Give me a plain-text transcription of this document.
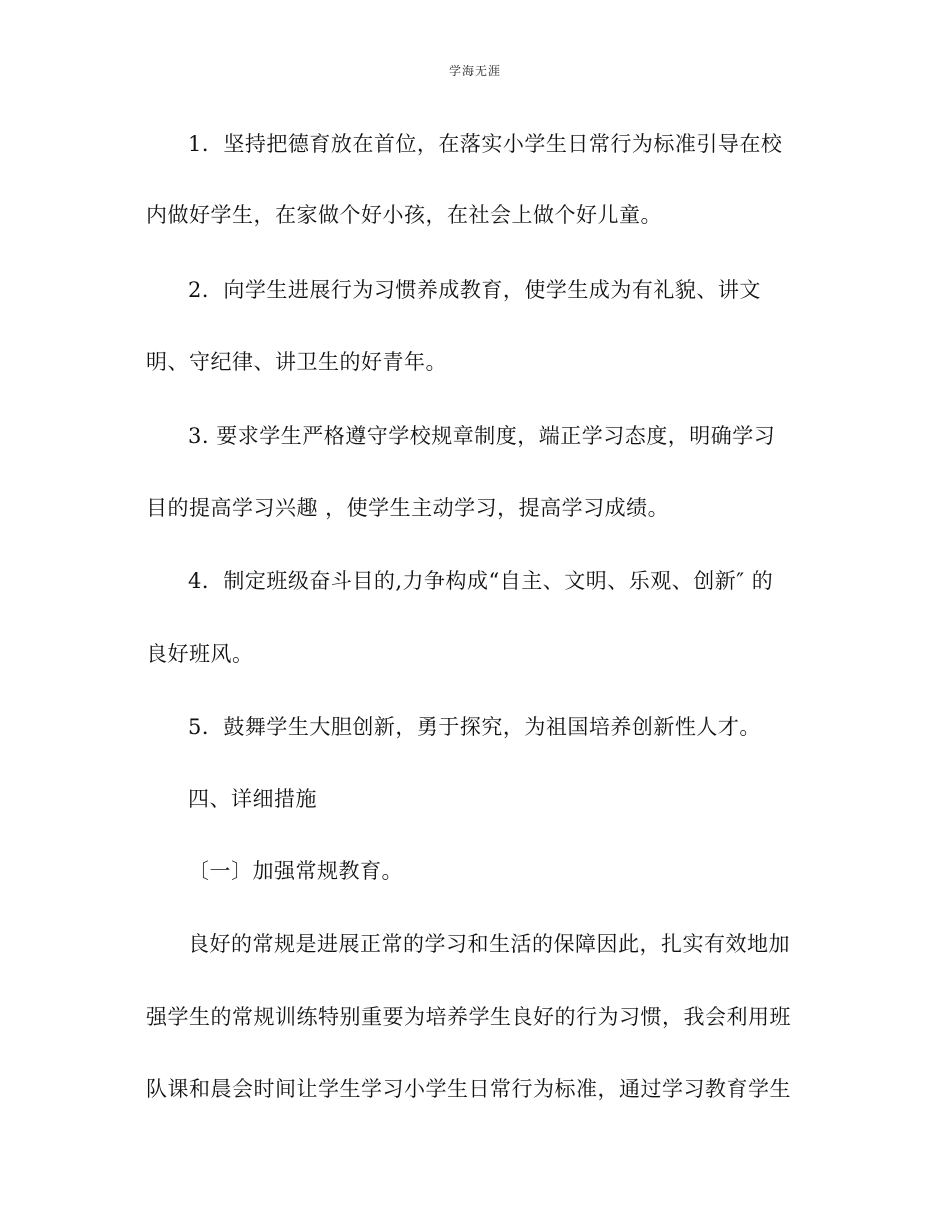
学海无涯
1．坚持把德育放在首位，在落实小学生日常行为标准引导在校
内做好学生，在家做个好小孩，在社会上做个好儿童。
2．向学生进展行为习惯养成教育，使学生成为有礼貌、讲文
明、守纪律、讲卫生的好青年。
3. 要求学生严格遵守学校规章制度，端正学习态度，明确学习
目的提高学习兴趣 ，使学生主动学习，提高学习成绩。
4．制定班级奋斗目的,力争构成“自主、文明、乐观、创新″ 的
良好班风。
5．鼓舞学生大胆创新，勇于探究，为祖国培养创新性人才。
四、详细措施
〔一〕加强常规教育。
良好的常规是进展正常的学习和生活的保障因此，扎实有效地加
强学生的常规训练特别重要为培养学生良好的行为习惯，我会利用班
队课和晨会时间让学生学习小学生日常行为标准，通过学习教育学生
